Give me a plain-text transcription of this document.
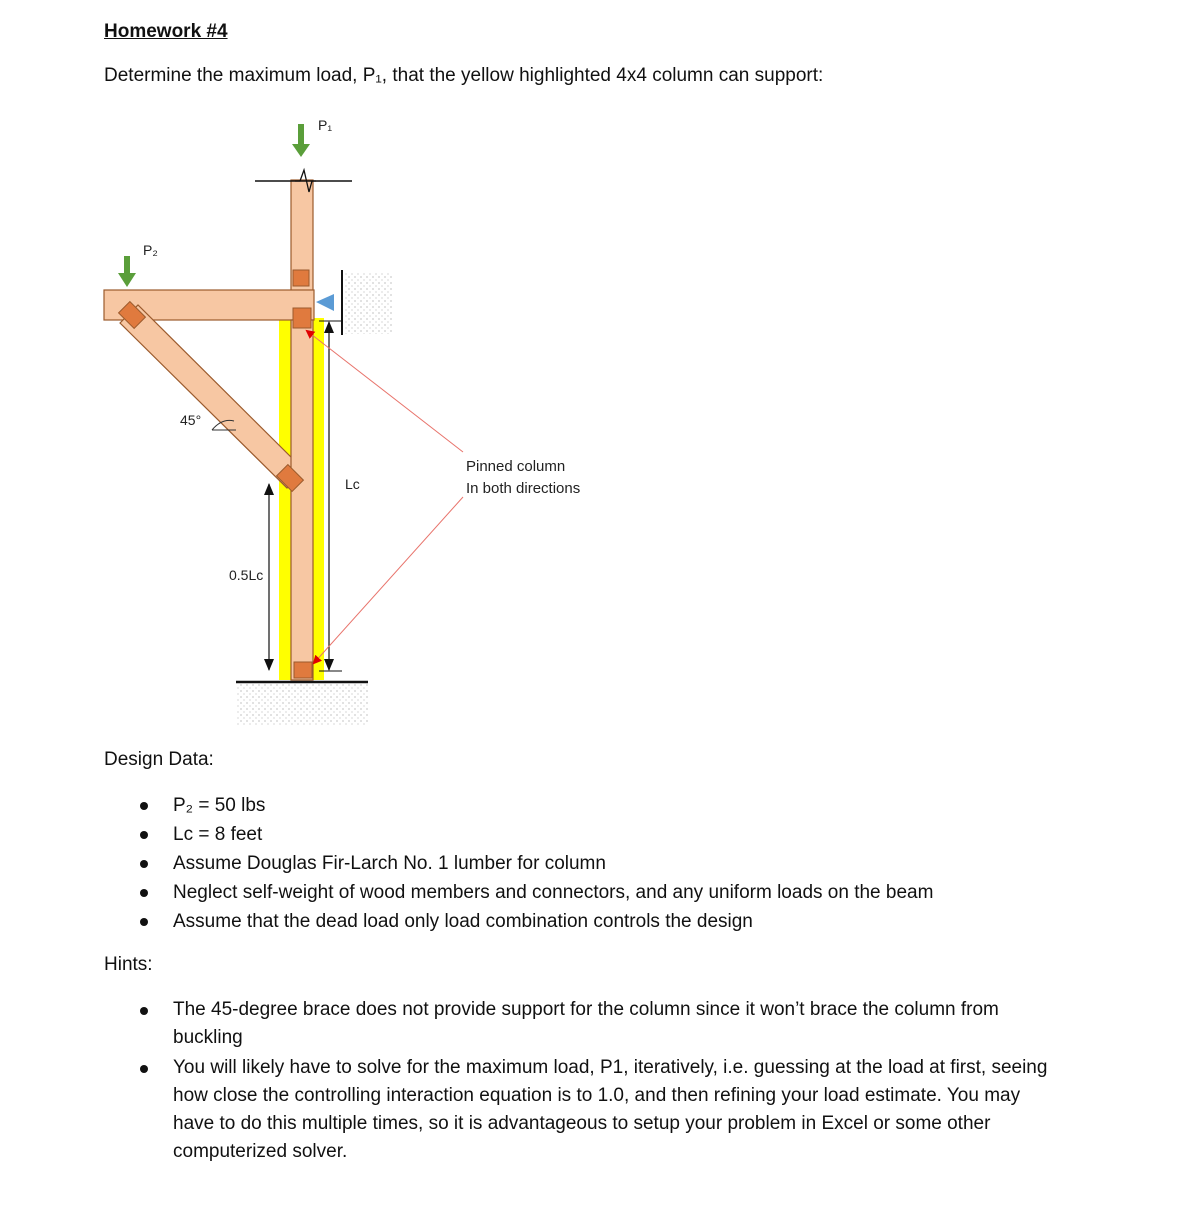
Homework #4
Determine the maximum load, P₁, that the yellow highlighted 4x4 column can support:
P₁
P₂
45°
Lᴄ
0.5Lᴄ
Pinned column
In both directions
Design Data:
P₂ = 50 lbs
Lᴄ = 8 feet
Assume Douglas Fir-Larch No. 1 lumber for column
Neglect self-weight of wood members and connectors, and any uniform loads on the beam
Assume that the dead load only load combination controls the design
Hints:
The 45-degree brace does not provide support for the column since it won’t brace the column from buckling
You will likely have to solve for the maximum load, P1, iteratively, i.e. guessing at the load at first, seeing how close the controlling interaction equation is to 1.0, and then refining your load estimate. You may have to do this multiple times, so it is advantageous to setup your problem in Excel or some other computerized solver.
